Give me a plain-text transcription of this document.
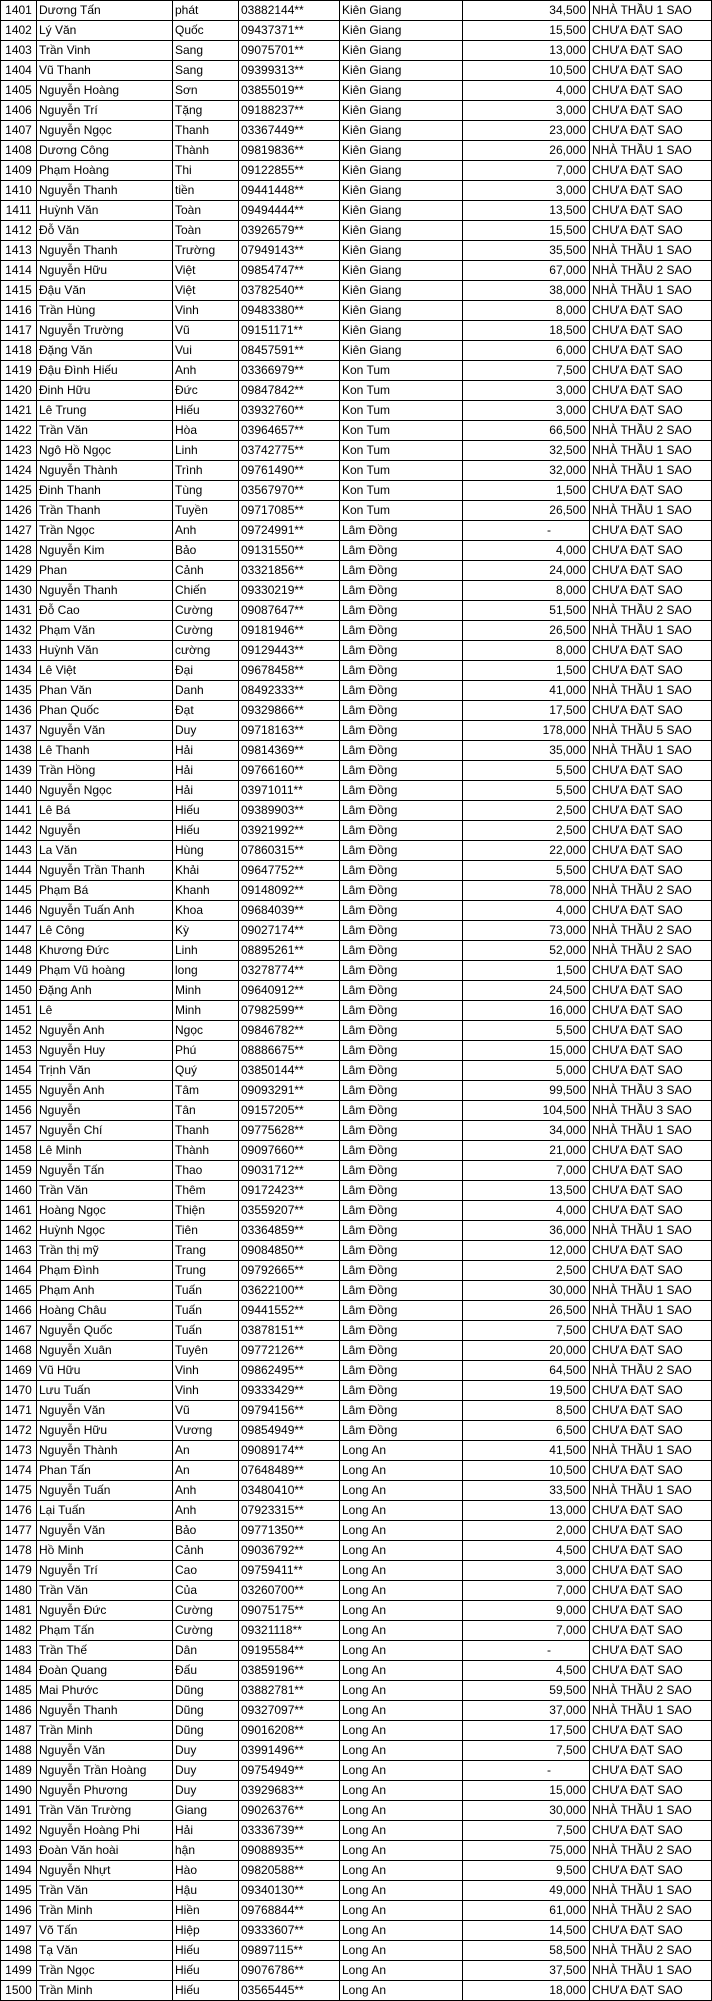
1401	Dương Tấn	phát	03882144**	Kiên Giang	34,500	NHÀ THẦU 1 SAO
1402	Lý Văn	Quốc	09437371**	Kiên Giang	15,500	CHƯA ĐẠT SAO
1403	Trần Vinh	Sang	09075701**	Kiên Giang	13,000	CHƯA ĐẠT SAO
1404	Vũ Thanh	Sang	09399313**	Kiên Giang	10,500	CHƯA ĐẠT SAO
1405	Nguyễn Hoàng	Sơn	03855019**	Kiên Giang	4,000	CHƯA ĐẠT SAO
1406	Nguyễn Trí	Tặng	09188237**	Kiên Giang	3,000	CHƯA ĐẠT SAO
1407	Nguyễn Ngọc	Thanh	03367449**	Kiên Giang	23,000	CHƯA ĐẠT SAO
1408	Dương Công	Thành	09819836**	Kiên Giang	26,000	NHÀ THẦU 1 SAO
1409	Phạm Hoàng	Thi	09122855**	Kiên Giang	7,000	CHƯA ĐẠT SAO
1410	Nguyễn Thanh	tiền	09441448**	Kiên Giang	3,000	CHƯA ĐẠT SAO
1411	Huỳnh Văn	Toàn	09494444**	Kiên Giang	13,500	CHƯA ĐẠT SAO
1412	Đỗ Văn	Toàn	03926579**	Kiên Giang	15,500	CHƯA ĐẠT SAO
1413	Nguyễn Thanh	Trường	07949143**	Kiên Giang	35,500	NHÀ THẦU 1 SAO
1414	Nguyễn Hữu	Việt	09854747**	Kiên Giang	67,000	NHÀ THẦU 2 SAO
1415	Đậu Văn	Việt	03782540**	Kiên Giang	38,000	NHÀ THẦU 1 SAO
1416	Trần Hùng	Vinh	09483380**	Kiên Giang	8,000	CHƯA ĐẠT SAO
1417	Nguyễn Trường	Vũ	09151171**	Kiên Giang	18,500	CHƯA ĐẠT SAO
1418	Đặng Văn	Vui	08457591**	Kiên Giang	6,000	CHƯA ĐẠT SAO
1419	Đậu Đình Hiếu	Anh	03366979**	Kon Tum	7,500	CHƯA ĐẠT SAO
1420	Đinh Hữu	Đức	09847842**	Kon Tum	3,000	CHƯA ĐẠT SAO
1421	Lê Trung	Hiếu	03932760**	Kon Tum	3,000	CHƯA ĐẠT SAO
1422	Trần Văn	Hòa	03964657**	Kon Tum	66,500	NHÀ THẦU 2 SAO
1423	Ngô Hồ Ngọc	Linh	03742775**	Kon Tum	32,500	NHÀ THẦU 1 SAO
1424	Nguyễn Thành	Trình	09761490**	Kon Tum	32,000	NHÀ THẦU 1 SAO
1425	Đinh Thanh	Tùng	03567970**	Kon Tum	1,500	CHƯA ĐẠT SAO
1426	Trần Thanh	Tuyền	09717085**	Kon Tum	26,500	NHÀ THẦU 1 SAO
1427	Trần Ngọc	Anh	09724991**	Lâm Đồng	-	CHƯA ĐẠT SAO
1428	Nguyễn Kim	Bảo	09131550**	Lâm Đồng	4,000	CHƯA ĐẠT SAO
1429	Phan	Cảnh	03321856**	Lâm Đồng	24,000	CHƯA ĐẠT SAO
1430	Nguyễn Thanh	Chiến	09330219**	Lâm Đồng	8,000	CHƯA ĐẠT SAO
1431	Đỗ Cao	Cường	09087647**	Lâm Đồng	51,500	NHÀ THẦU 2 SAO
1432	Phạm Văn	Cường	09181946**	Lâm Đồng	26,500	NHÀ THẦU 1 SAO
1433	Huỳnh Văn	cường	09129443**	Lâm Đồng	8,000	CHƯA ĐẠT SAO
1434	Lê Việt	Đại	09678458**	Lâm Đồng	1,500	CHƯA ĐẠT SAO
1435	Phan Văn	Danh	08492333**	Lâm Đồng	41,000	NHÀ THẦU 1 SAO
1436	Phan Quốc	Đạt	09329866**	Lâm Đồng	17,500	CHƯA ĐẠT SAO
1437	Nguyễn Văn	Duy	09718163**	Lâm Đồng	178,000	NHÀ THẦU 5 SAO
1438	Lê Thanh	Hải	09814369**	Lâm Đồng	35,000	NHÀ THẦU 1 SAO
1439	Trần Hồng	Hải	09766160**	Lâm Đồng	5,500	CHƯA ĐẠT SAO
1440	Nguyễn Ngọc	Hải	03971011**	Lâm Đồng	5,500	CHƯA ĐẠT SAO
1441	Lê Bá	Hiếu	09389903**	Lâm Đồng	2,500	CHƯA ĐẠT SAO
1442	Nguyễn	Hiếu	03921992**	Lâm Đồng	2,500	CHƯA ĐẠT SAO
1443	La Văn	Hùng	07860315**	Lâm Đồng	22,000	CHƯA ĐẠT SAO
1444	Nguyễn Trần Thanh	Khải	09647752**	Lâm Đồng	5,500	CHƯA ĐẠT SAO
1445	Phạm Bá	Khanh	09148092**	Lâm Đồng	78,000	NHÀ THẦU 2 SAO
1446	Nguyễn Tuấn Anh	Khoa	09684039**	Lâm Đồng	4,000	CHƯA ĐẠT SAO
1447	Lê Công	Kỳ	09027174**	Lâm Đồng	73,000	NHÀ THẦU 2 SAO
1448	Khương Đức	Linh	08895261**	Lâm Đồng	52,000	NHÀ THẦU 2 SAO
1449	Phạm Vũ hoàng	long	03278774**	Lâm Đồng	1,500	CHƯA ĐẠT SAO
1450	Đặng Anh	Minh	09640912**	Lâm Đồng	24,500	CHƯA ĐẠT SAO
1451	Lê	Minh	07982599**	Lâm Đồng	16,000	CHƯA ĐẠT SAO
1452	Nguyễn Anh	Ngọc	09846782**	Lâm Đồng	5,500	CHƯA ĐẠT SAO
1453	Nguyễn Huy	Phú	08886675**	Lâm Đồng	15,000	CHƯA ĐẠT SAO
1454	Trịnh Văn	Quý	03850144**	Lâm Đồng	5,000	CHƯA ĐẠT SAO
1455	Nguyễn Anh	Tâm	09093291**	Lâm Đồng	99,500	NHÀ THẦU 3 SAO
1456	Nguyễn	Tân	09157205**	Lâm Đồng	104,500	NHÀ THẦU 3 SAO
1457	Nguyễn Chí	Thanh	09775628**	Lâm Đồng	34,000	NHÀ THẦU 1 SAO
1458	Lê Minh	Thành	09097660**	Lâm Đồng	21,000	CHƯA ĐẠT SAO
1459	Nguyễn Tấn	Thao	09031712**	Lâm Đồng	7,000	CHƯA ĐẠT SAO
1460	Trần Văn	Thêm	09172423**	Lâm Đồng	13,500	CHƯA ĐẠT SAO
1461	Hoàng Ngọc	Thiện	03559207**	Lâm Đồng	4,000	CHƯA ĐẠT SAO
1462	Huỳnh Ngọc	Tiên	03364859**	Lâm Đồng	36,000	NHÀ THẦU 1 SAO
1463	Trần thị mỹ	Trang	09084850**	Lâm Đồng	12,000	CHƯA ĐẠT SAO
1464	Phạm Đình	Trung	09792665**	Lâm Đồng	2,500	CHƯA ĐẠT SAO
1465	Phạm Anh	Tuấn	03622100**	Lâm Đồng	30,000	NHÀ THẦU 1 SAO
1466	Hoàng Châu	Tuấn	09441552**	Lâm Đồng	26,500	NHÀ THẦU 1 SAO
1467	Nguyễn Quốc	Tuấn	03878151**	Lâm Đồng	7,500	CHƯA ĐẠT SAO
1468	Nguyễn Xuân	Tuyên	09772126**	Lâm Đồng	20,000	CHƯA ĐẠT SAO
1469	Vũ Hữu	Vinh	09862495**	Lâm Đồng	64,500	NHÀ THẦU 2 SAO
1470	Lưu Tuấn	Vinh	09333429**	Lâm Đồng	19,500	CHƯA ĐẠT SAO
1471	Nguyễn Văn	Vũ	09794156**	Lâm Đồng	8,500	CHƯA ĐẠT SAO
1472	Nguyễn Hữu	Vương	09854949**	Lâm Đồng	6,500	CHƯA ĐẠT SAO
1473	Nguyễn Thành	An	09089174**	Long An	41,500	NHÀ THẦU 1 SAO
1474	Phan Tấn	An	07648489**	Long An	10,500	CHƯA ĐẠT SAO
1475	Nguyễn Tuấn	Anh	03480410**	Long An	33,500	NHÀ THẦU 1 SAO
1476	Lại Tuấn	Anh	07923315**	Long An	13,000	CHƯA ĐẠT SAO
1477	Nguyễn Văn	Bảo	09771350**	Long An	2,000	CHƯA ĐẠT SAO
1478	Hồ Minh	Cảnh	09036792**	Long An	4,500	CHƯA ĐẠT SAO
1479	Nguyễn Trí	Cao	09759411**	Long An	3,000	CHƯA ĐẠT SAO
1480	Trần Văn	Của	03260700**	Long An	7,000	CHƯA ĐẠT SAO
1481	Nguyễn Đức	Cường	09075175**	Long An	9,000	CHƯA ĐẠT SAO
1482	Phạm Tấn	Cường	09321118**	Long An	7,000	CHƯA ĐẠT SAO
1483	Trần Thế	Dân	09195584**	Long An	-	CHƯA ĐẠT SAO
1484	Đoàn Quang	Đấu	03859196**	Long An	4,500	CHƯA ĐẠT SAO
1485	Mai Phước	Dũng	03882781**	Long An	59,500	NHÀ THẦU 2 SAO
1486	Nguyễn Thanh	Dũng	09327097**	Long An	37,000	NHÀ THẦU 1 SAO
1487	Trần Minh	Dũng	09016208**	Long An	17,500	CHƯA ĐẠT SAO
1488	Nguyễn Văn	Duy	03991496**	Long An	7,500	CHƯA ĐẠT SAO
1489	Nguyễn Trần Hoàng	Duy	09754949**	Long An	-	CHƯA ĐẠT SAO
1490	Nguyễn Phương	Duy	03929683**	Long An	15,000	CHƯA ĐẠT SAO
1491	Trần Văn Trường	Giang	09026376**	Long An	30,000	NHÀ THẦU 1 SAO
1492	Nguyễn Hoàng Phi	Hải	03336739**	Long An	7,500	CHƯA ĐẠT SAO
1493	Đoàn Văn hoài	hận	09088935**	Long An	75,000	NHÀ THẦU 2 SAO
1494	Nguyễn Nhựt	Hào	09820588**	Long An	9,500	CHƯA ĐẠT SAO
1495	Trần Văn	Hậu	09340130**	Long An	49,000	NHÀ THẦU 1 SAO
1496	Trần Minh	Hiền	09768844**	Long An	61,000	NHÀ THẦU 2 SAO
1497	Võ Tấn	Hiệp	09333607**	Long An	14,500	CHƯA ĐẠT SAO
1498	Tạ Văn	Hiếu	09897115**	Long An	58,500	NHÀ THẦU 2 SAO
1499	Trần Ngọc	Hiếu	09076786**	Long An	37,500	NHÀ THẦU 1 SAO
1500	Trần Minh	Hiếu	03565445**	Long An	18,000	CHƯA ĐẠT SAO
